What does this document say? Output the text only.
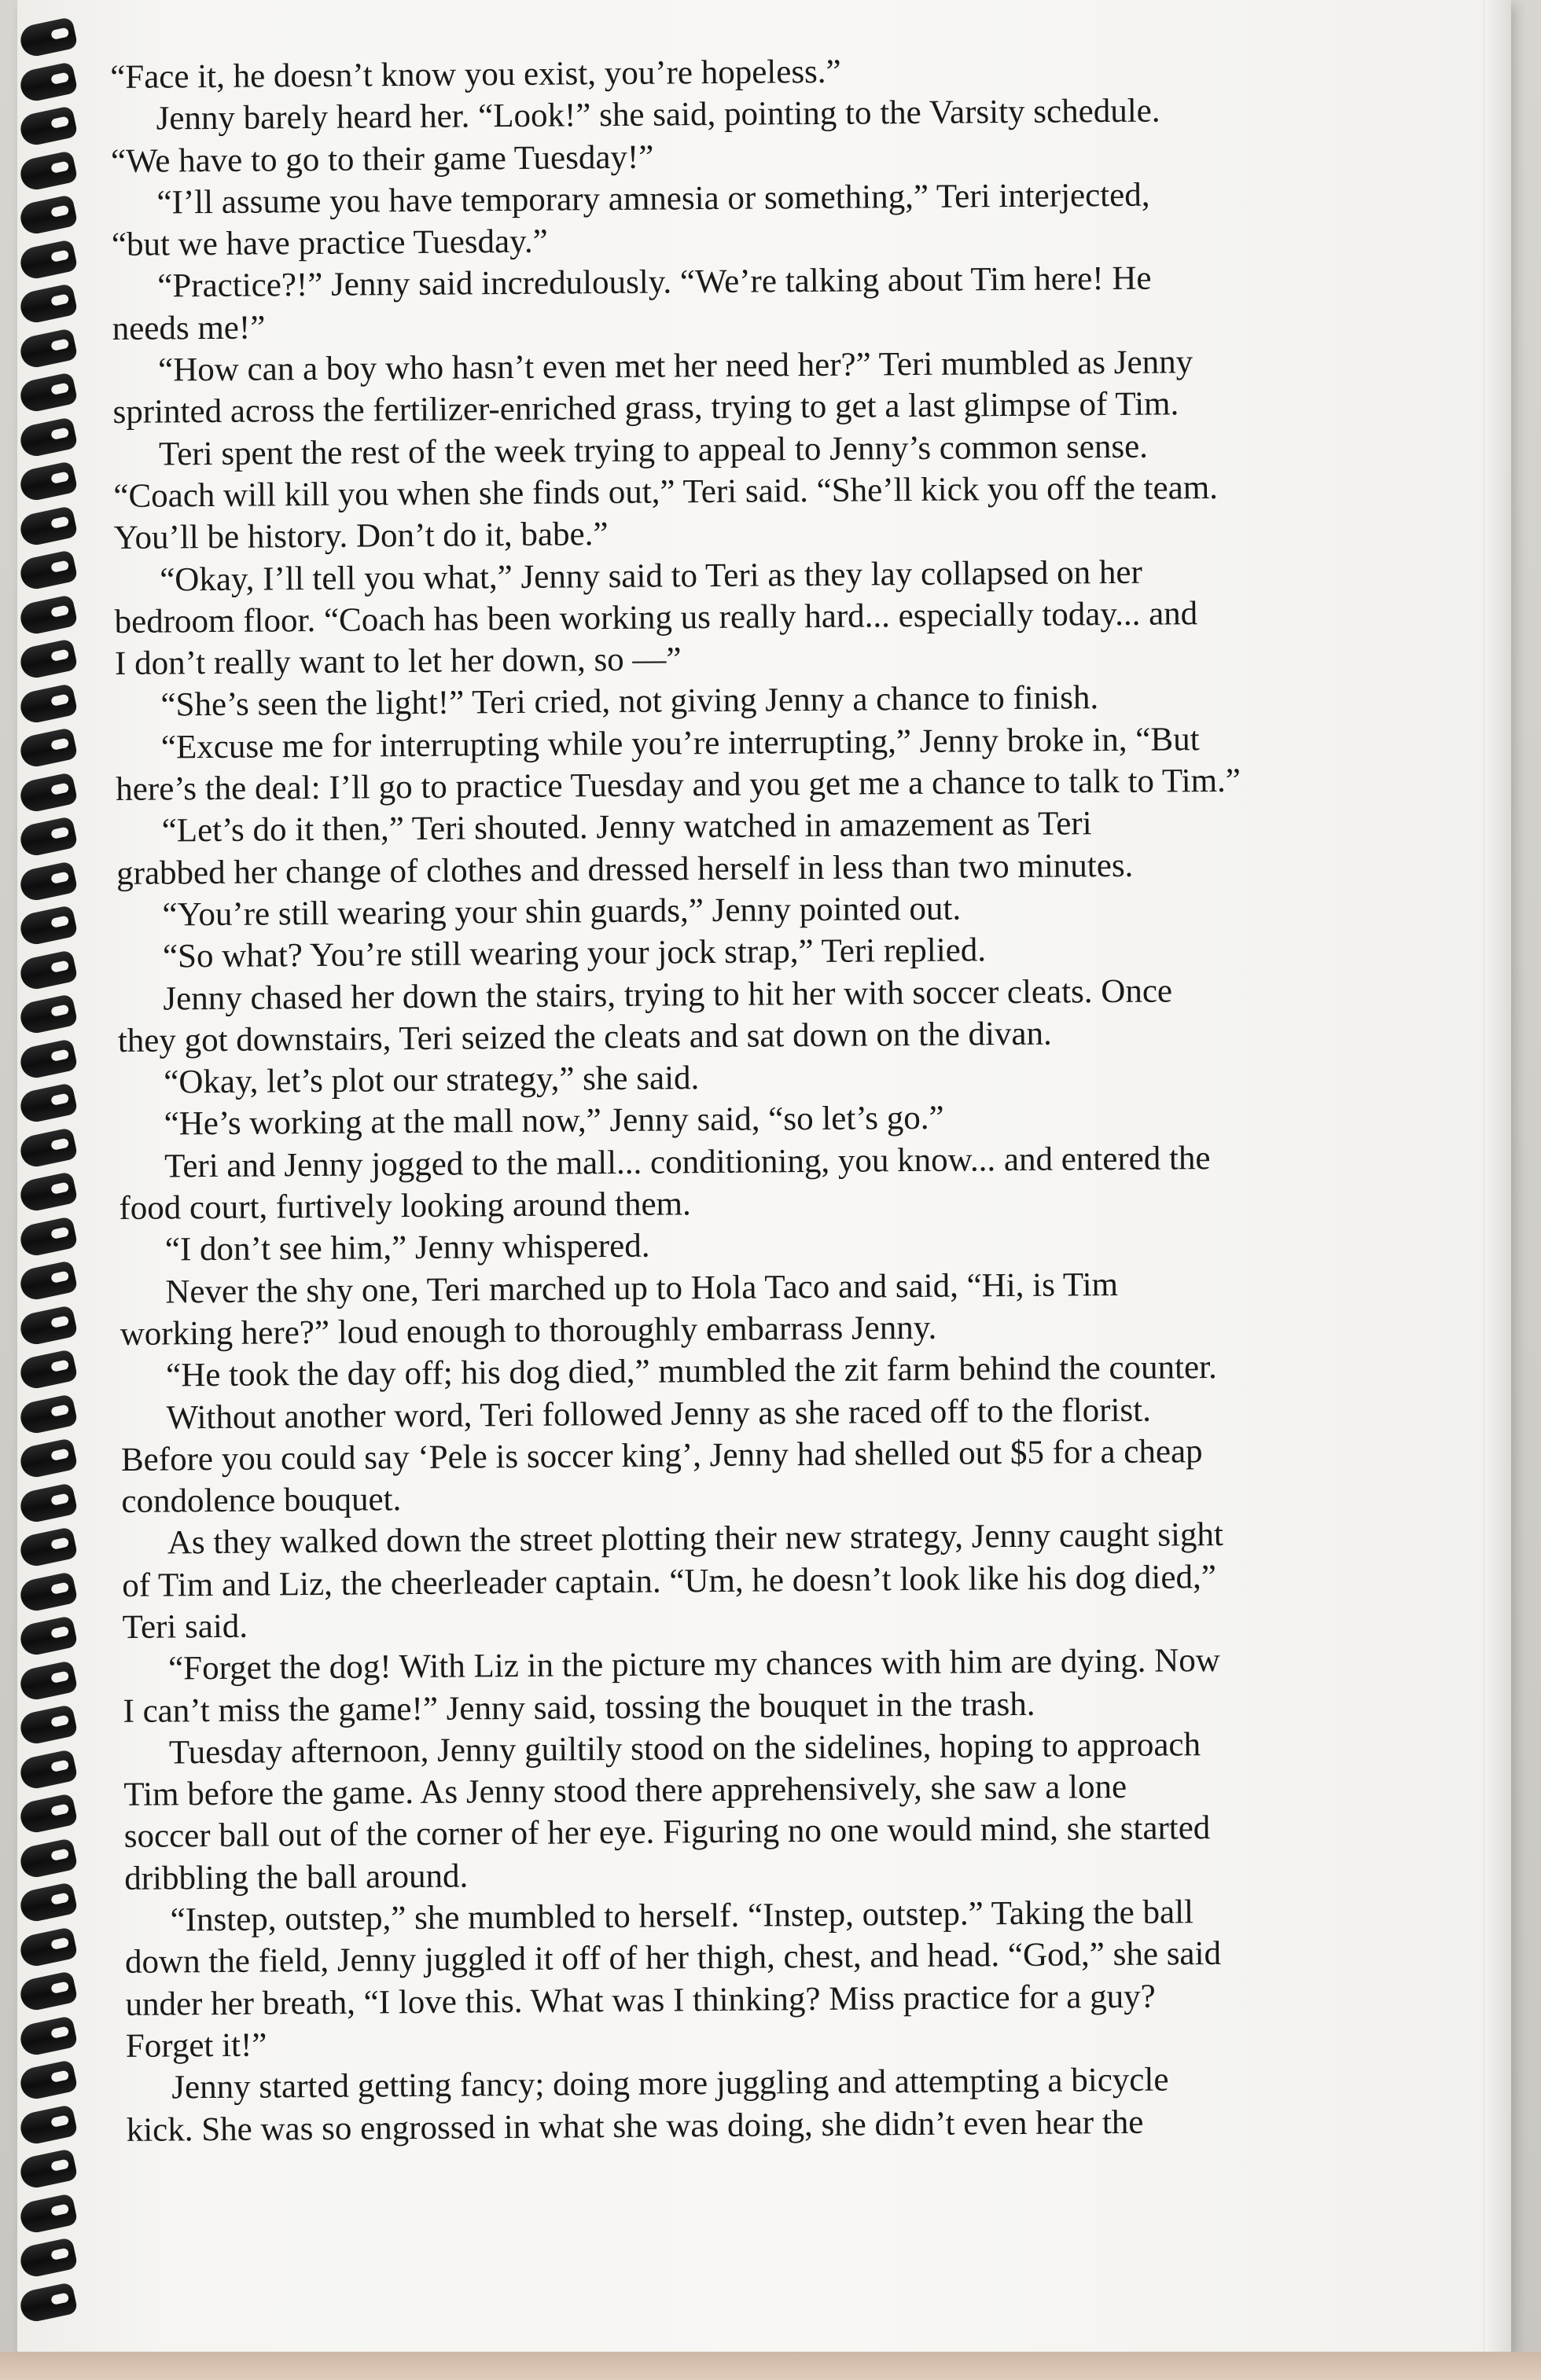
“Face it, he doesn’t know you exist, you’re hopeless.”

Jenny barely heard her. “Look!” she said, pointing to the Varsity schedule.

“We have to go to their game Tuesday!”

“I’ll assume you have temporary amnesia or something,” Teri interjected,

“but we have practice Tuesday.”

“Practice?!” Jenny said incredulously. “We’re talking about Tim here! He

needs me!”

“How can a boy who hasn’t even met her need her?” Teri mumbled as Jenny

sprinted across the fertilizer-enriched grass, trying to get a last glimpse of Tim.

Teri spent the rest of the week trying to appeal to Jenny’s common sense.

“Coach will kill you when she finds out,” Teri said. “She’ll kick you off the team.

You’ll be history. Don’t do it, babe.”

“Okay, I’ll tell you what,” Jenny said to Teri as they lay collapsed on her

bedroom floor. “Coach has been working us really hard... especially today... and

I don’t really want to let her down, so —”

“She’s seen the light!” Teri cried, not giving Jenny a chance to finish.

“Excuse me for interrupting while you’re interrupting,” Jenny broke in, “But

here’s the deal: I’ll go to practice Tuesday and you get me a chance to talk to Tim.”

“Let’s do it then,” Teri shouted. Jenny watched in amazement as Teri

grabbed her change of clothes and dressed herself in less than two minutes.

“You’re still wearing your shin guards,” Jenny pointed out.

“So what? You’re still wearing your jock strap,” Teri replied.

Jenny chased her down the stairs, trying to hit her with soccer cleats. Once

they got downstairs, Teri seized the cleats and sat down on the divan.

“Okay, let’s plot our strategy,” she said.

“He’s working at the mall now,” Jenny said, “so let’s go.”

Teri and Jenny jogged to the mall... conditioning, you know... and entered the

food court, furtively looking around them.

“I don’t see him,” Jenny whispered.

Never the shy one, Teri marched up to Hola Taco and said, “Hi, is Tim

working here?” loud enough to thoroughly embarrass Jenny.

“He took the day off; his dog died,” mumbled the zit farm behind the counter.

Without another word, Teri followed Jenny as she raced off to the florist.

Before you could say ‘Pele is soccer king’, Jenny had shelled out $5 for a cheap

condolence bouquet.

As they walked down the street plotting their new strategy, Jenny caught sight

of Tim and Liz, the cheerleader captain. “Um, he doesn’t look like his dog died,”

Teri said.

“Forget the dog! With Liz in the picture my chances with him are dying. Now

I can’t miss the game!” Jenny said, tossing the bouquet in the trash.

Tuesday afternoon, Jenny guiltily stood on the sidelines, hoping to approach

Tim before the game. As Jenny stood there apprehensively, she saw a lone

soccer ball out of the corner of her eye. Figuring no one would mind, she started

dribbling the ball around.

“Instep, outstep,” she mumbled to herself. “Instep, outstep.” Taking the ball

down the field, Jenny juggled it off of her thigh, chest, and head. “God,” she said

under her breath, “I love this. What was I thinking? Miss practice for a guy?

Forget it!”

Jenny started getting fancy; doing more juggling and attempting a bicycle

kick. She was so engrossed in what she was doing, she didn’t even hear the
